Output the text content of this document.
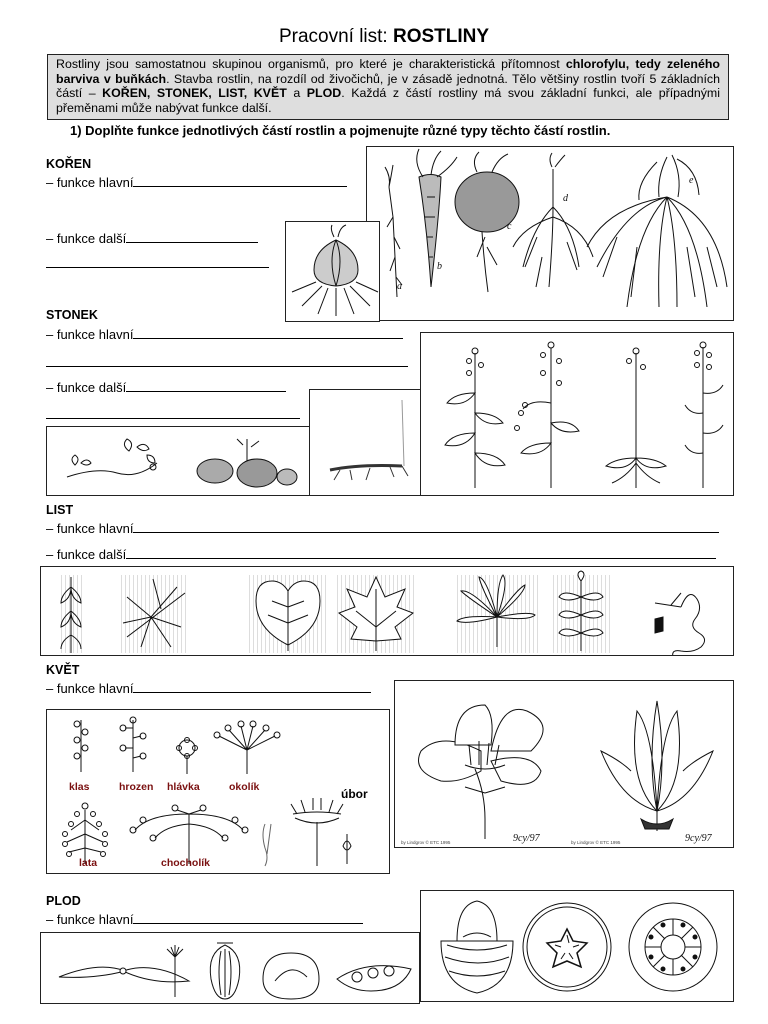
Pracovní list: ROSTLINY
Rostliny jsou samostatnou skupinou organismů, pro které je charakteristická přítomnost chlorofylu, tedy zeleného barviva v buňkách. Stavba rostlin, na rozdíl od živočichů, je v zásadě jednotná. Tělo většiny rostlin tvoří 5 základních částí – KOŘEN, STONEK, LIST, KVĚT a PLOD. Každá z částí rostliny má svou základní funkci, ale případnými přeměnami může nabývat funkce další.
1) Doplňte funkce jednotlivých částí rostlin a pojmenujte různé typy těchto částí rostlin.
KOŘEN
– funkce hlavní
– funkce další
a
b
c
d
e
STONEK
– funkce hlavní
– funkce další
LIST
– funkce hlavní
– funkce další
KVĚT
– funkce hlavní
klas	hrozen hlávka	okolík
lata	chocholík
úbor
9cy/97	9cy/97
by Lindgrov © ETC 1995	by Lindgrov © ETC 1995
PLOD
– funkce hlavní
